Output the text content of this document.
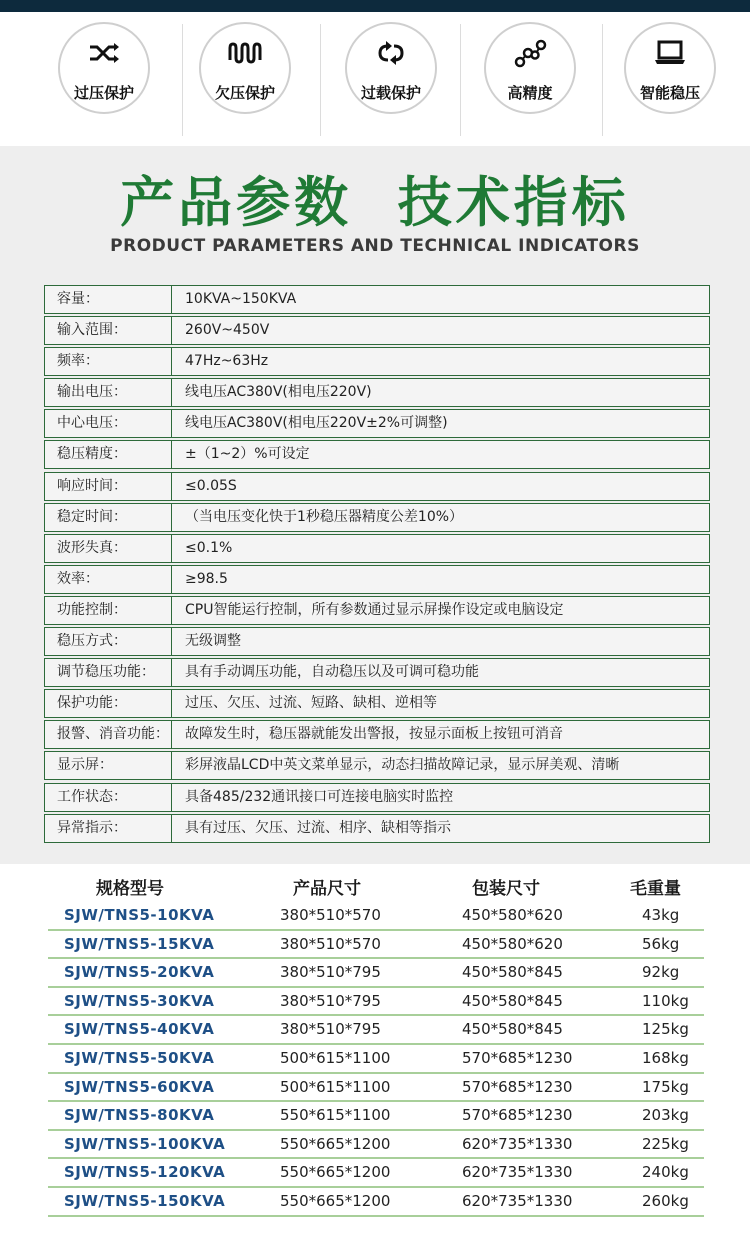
过压保护	欠压保护	过载保护	高精度	智能稳压
产品参数  技术指标
PRODUCT PARAMETERS AND TECHNICAL INDICATORS
容量：	10KVA~150KVA
输入范围：	260V~450V
频率：	47Hz~63Hz
输出电压：	线电压AC380V(相电压220V)
中心电压：	线电压AC380V(相电压220V±2%可调整)
稳压精度：	±（1~2）%可设定
响应时间：	≤0.05S
稳定时间：	（当电压变化快于1秒稳压器精度公差10%）
波形失真：	≤0.1%
效率：	≥98.5
功能控制：	CPU智能运行控制，所有参数通过显示屏操作设定或电脑设定
稳压方式：	无级调整
调节稳压功能： 具有手动调压功能，自动稳压以及可调可稳功能
保护功能：	过压、欠压、过流、短路、缺相、逆相等
报警、消音功能： 故障发生时，稳压器就能发出警报，按显示面板上按钮可消音
显示屏：	彩屏液晶LCD中英文菜单显示，动态扫描故障记录，显示屏美观、清晰
工作状态：	具备485/232通讯接口可连接电脑实时监控
异常指示：	具有过压、欠压、过流、相序、缺相等指示
规格型号	产品尺寸	包装尺寸	毛重量
SJW/TNS5-10KVA	380*510*570	450*580*620	43kg
SJW/TNS5-15KVA	380*510*570	450*580*620	56kg
SJW/TNS5-20KVA	380*510*795	450*580*845	92kg
SJW/TNS5-30KVA	380*510*795	450*580*845	110kg
SJW/TNS5-40KVA	380*510*795	450*580*845	125kg
SJW/TNS5-50KVA	500*615*1100	570*685*1230	168kg
SJW/TNS5-60KVA	500*615*1100	570*685*1230	175kg
SJW/TNS5-80KVA	550*615*1100	570*685*1230	203kg
SJW/TNS5-100KVA	550*665*1200	620*735*1330	225kg
SJW/TNS5-120KVA	550*665*1200	620*735*1330	240kg
SJW/TNS5-150KVA	550*665*1200	620*735*1330	260kg
